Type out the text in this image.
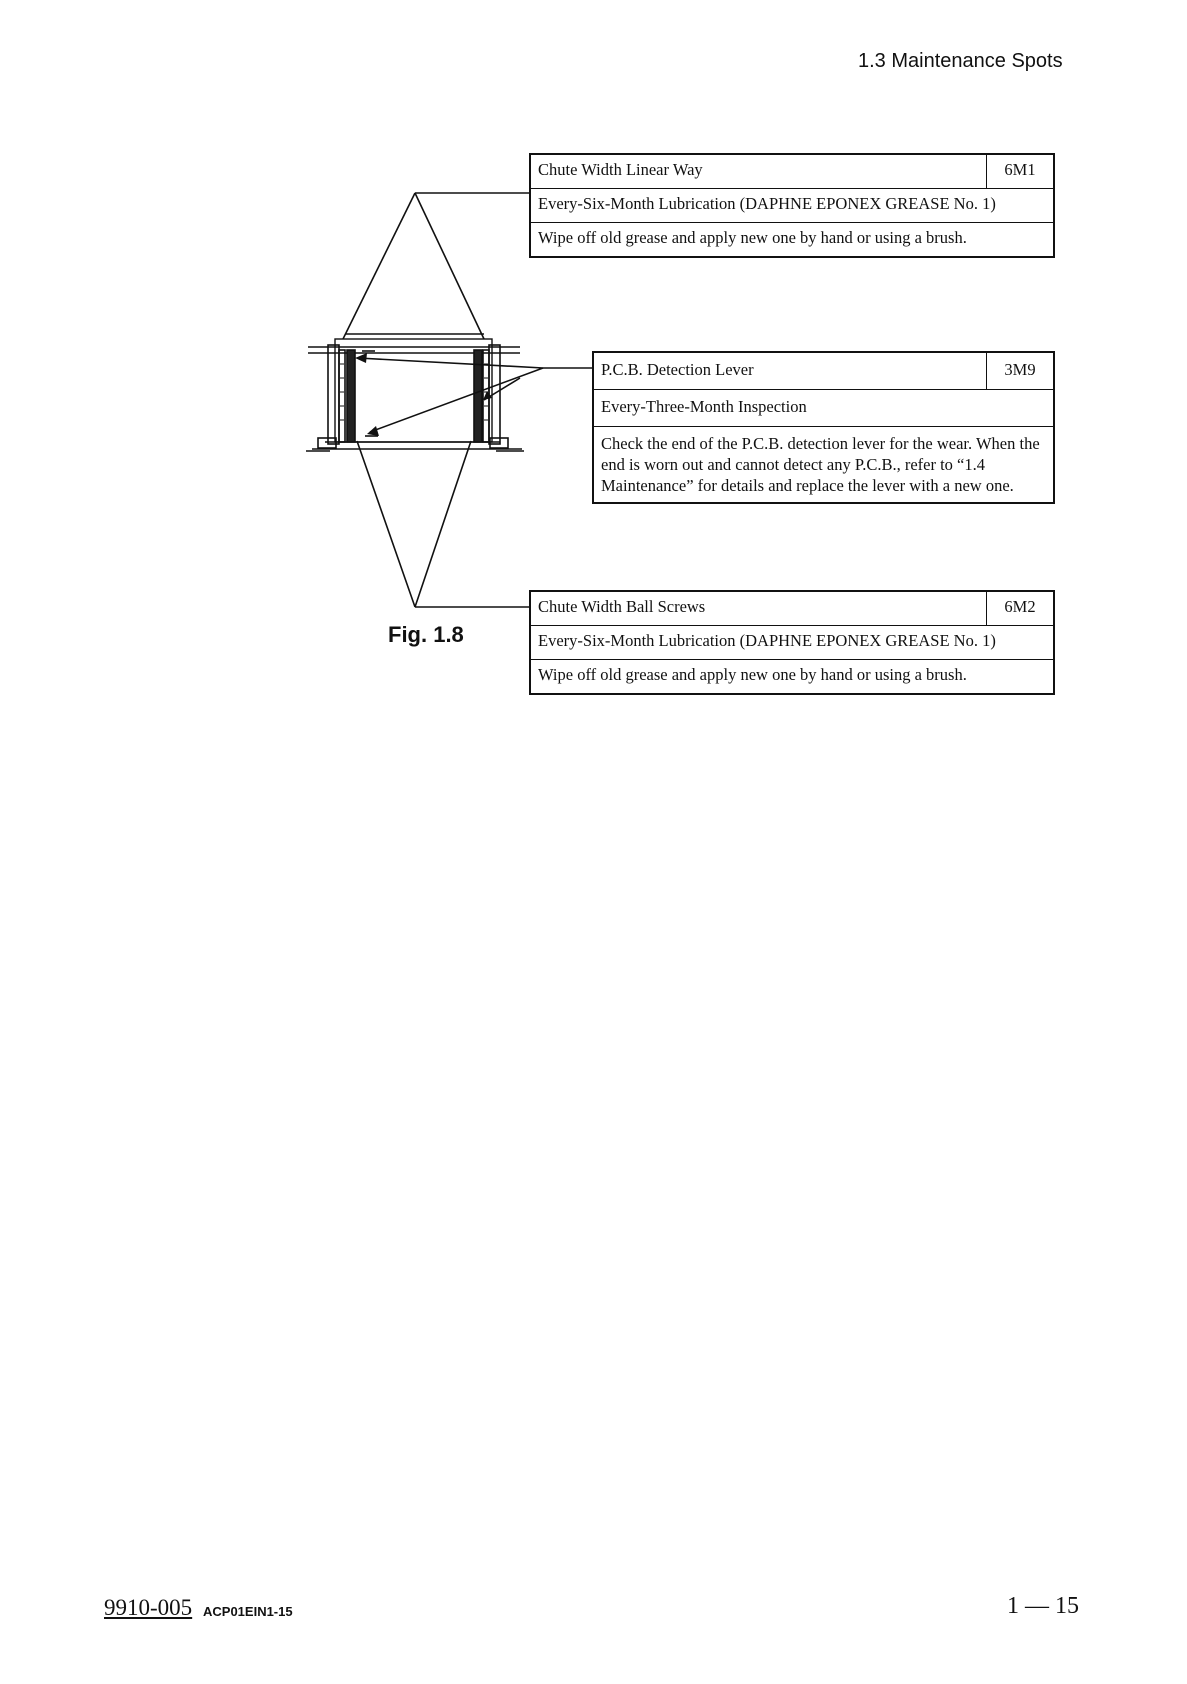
1.3 Maintenance Spots
Fig. 1.8
Chute Width Linear Way	6M1
Every-Six-Month Lubrication (DAPHNE EPONEX GREASE No. 1)
Wipe off old grease and apply new one by hand or using a brush.
P.C.B. Detection Lever	3M9
Every-Three-Month Inspection
Check the end of the P.C.B. detection lever for the wear. When the end is worn out and cannot detect any P.C.B., refer to “1.4 Maintenance” for details and replace the lever with a new one.
Chute Width Ball Screws	6M2
Every-Six-Month Lubrication (DAPHNE EPONEX GREASE No. 1)
Wipe off old grease and apply new one by hand or using a brush.
9910-005 ACP01EIN1-15	1 — 15
